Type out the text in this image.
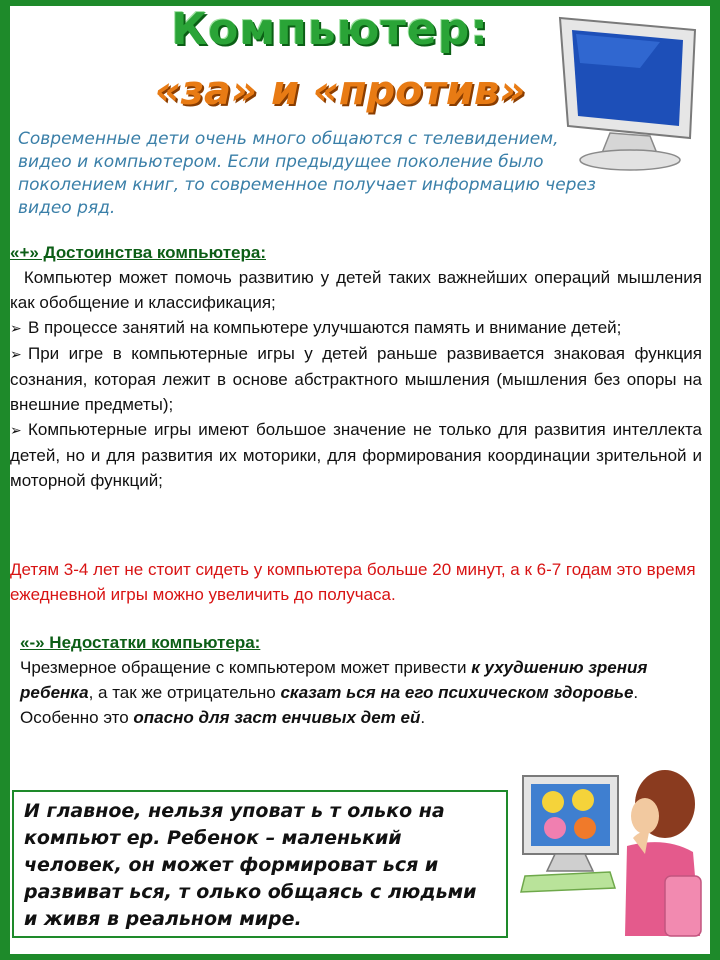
Компьютер:
«за» и «против»
Современные дети очень много общаются с телевидением, видео и компьютером. Если предыдущее поколение было поколением книг, то современное получает информацию через видео ряд.
«+» Достоинства компьютера:
Компьютер может помочь развитию у детей таких важнейших операций мышления как обобщение и классификация;
➢ В процессе занятий на компьютере улучшаются память и внимание детей;
➢ При игре в компьютерные игры у детей раньше развивается знаковая функция сознания, которая лежит в основе абстрактного мышления (мышления без опоры на внешние предметы);
➢ Компьютерные игры имеют большое значение не только для развития интеллекта детей, но и для развития их моторики, для формирования координации зрительной и моторной функций;
Детям 3-4 лет не стоит сидеть у компьютера больше 20 минут, а к 6-7 годам это время ежедневной игры можно увеличить до получаса.
«-» Недостатки компьютера:
Чрезмерное обращение с компьютером может привести к ухудшению зрения ребенка, а так же отрицательно сказат ься на его психическом здоровье. Особенно это опасно для заст енчивых дет ей.
И главное, нельзя уповат ь т олько на компьют ер. Ребенок – маленький человек, он может формироват ься и развиват ься, т олько общаясь с людьми и живя в реальном мире.
